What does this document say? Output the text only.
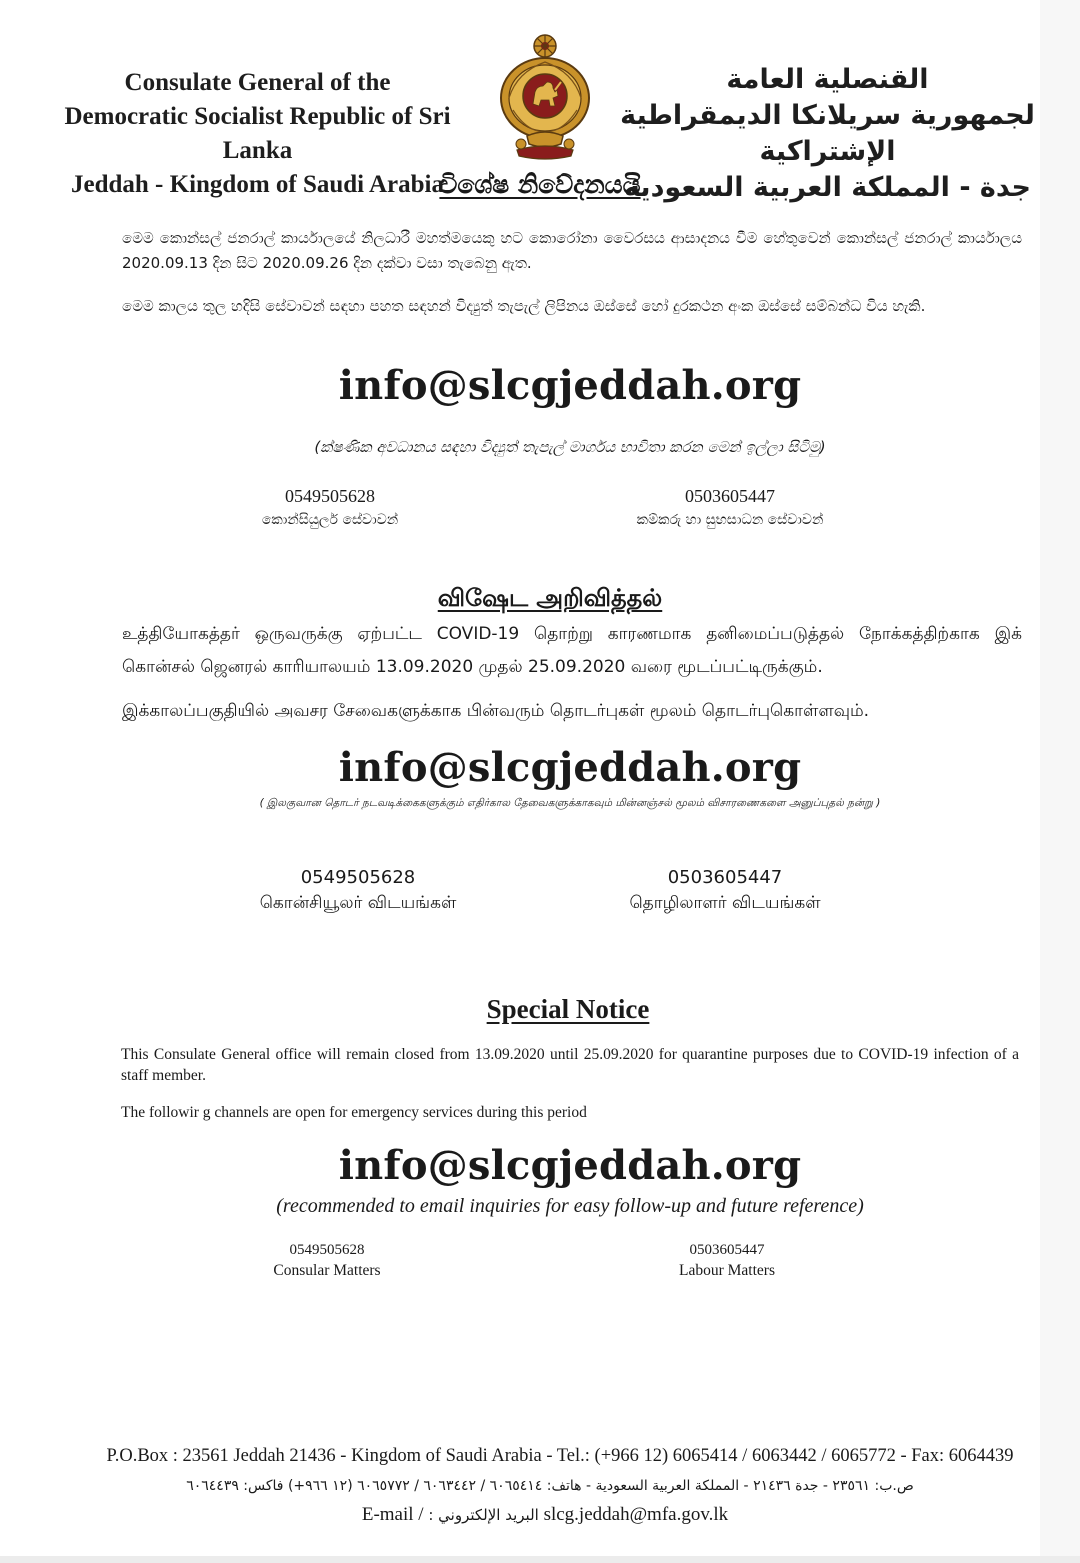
Consulate General of the
Democratic Socialist Republic of Sri Lanka
Jeddah - Kingdom of Saudi Arabia
القنصلية العامة
لجمهورية سريلانكا الديمقراطية الإشتراكية
جدة - المملكة العربية السعودية
විශේෂ නිවේදනයයි
මෙම කොන්සල් ජනරාල් කාර්යාලයේ නිලධාරී මහත්මයෙකු හට කොරෝනා වෛරසය ආසාදනය වීම හේතුවෙන් කොන්සල් ජනරාල් කාර්යාලය 2020.09.13 දින සිට 2020.09.26 දින දක්වා වසා තැබෙනු ඇත.
මෙම කාලය තුල හදිසි සේවාවන් සඳහා පහත සඳහන් විද්‍යුත් තැපැල් ලිපිනය ඔස්සේ හෝ දුරකථන අංක ඔස්සේ සම්බන්ධ විය හැකි.
info@slcgjeddah.org
(ක්ෂණික අවධානය සඳහා විද්‍යුත් තැපැල් මාර්ගය භාවිතා කරන මෙන් ඉල්ලා සිටිමු)
0549505628
කොන්සියුලර් සේවාවන්
0503605447
කම්කරු හා සුභසාධන සේවාවන්
விஷேட அறிவித்தல்
உத்தியோகத்தர் ஒருவருக்கு ஏற்பட்ட COVID-19 தொற்று காரணமாக தனிமைப்படுத்தல் நோக்கத்திற்காக இக் கொன்சல் ஜெனரல் காரியாலயம் 13.09.2020 முதல் 25.09.2020 வரை மூடப்பட்டிருக்கும்.
இக்காலப்பகுதியில் அவசர சேவைகளுக்காக பின்வரும் தொடர்புகள் மூலம் தொடர்புகொள்ளவும்.
info@slcgjeddah.org
( இலகுவான தொடர் நடவடிக்கைகளுக்கும் எதிர்கால தேவைகளுக்காகவும் மின்னஞ்சல் மூலம் விசாரணைகளை அனுப்புதல் நன்று )
0549505628
கொன்சியூலர் விடயங்கள்
0503605447
தொழிலாளர் விடயங்கள்
Special Notice
This Consulate General office will remain closed from 13.09.2020 until 25.09.2020 for quarantine purposes due to COVID-19 infection of a staff member.
The followir g channels are open for emergency services during this period
info@slcgjeddah.org
(recommended to email inquiries for easy follow-up and future reference)
0549505628
Consular Matters
0503605447
Labour Matters
P.O.Box : 23561 Jeddah 21436 - Kingdom of Saudi Arabia - Tel.: (+966 12) 6065414 / 6063442 / 6065772 - Fax: 6064439
ص.ب: ٢٣٥٦١ - جدة ٢١٤٣٦ - المملكة العربية السعودية - هاتف: ٦٠٦٥٤١٤ / ٦٠٦٣٤٤٢ / ٦٠٦٥٧٧٢ (١٢ ٩٦٦+) فاكس: ٦٠٦٤٤٣٩
E-mail / البريد الإلكتروني : slcg.jeddah@mfa.gov.lk
